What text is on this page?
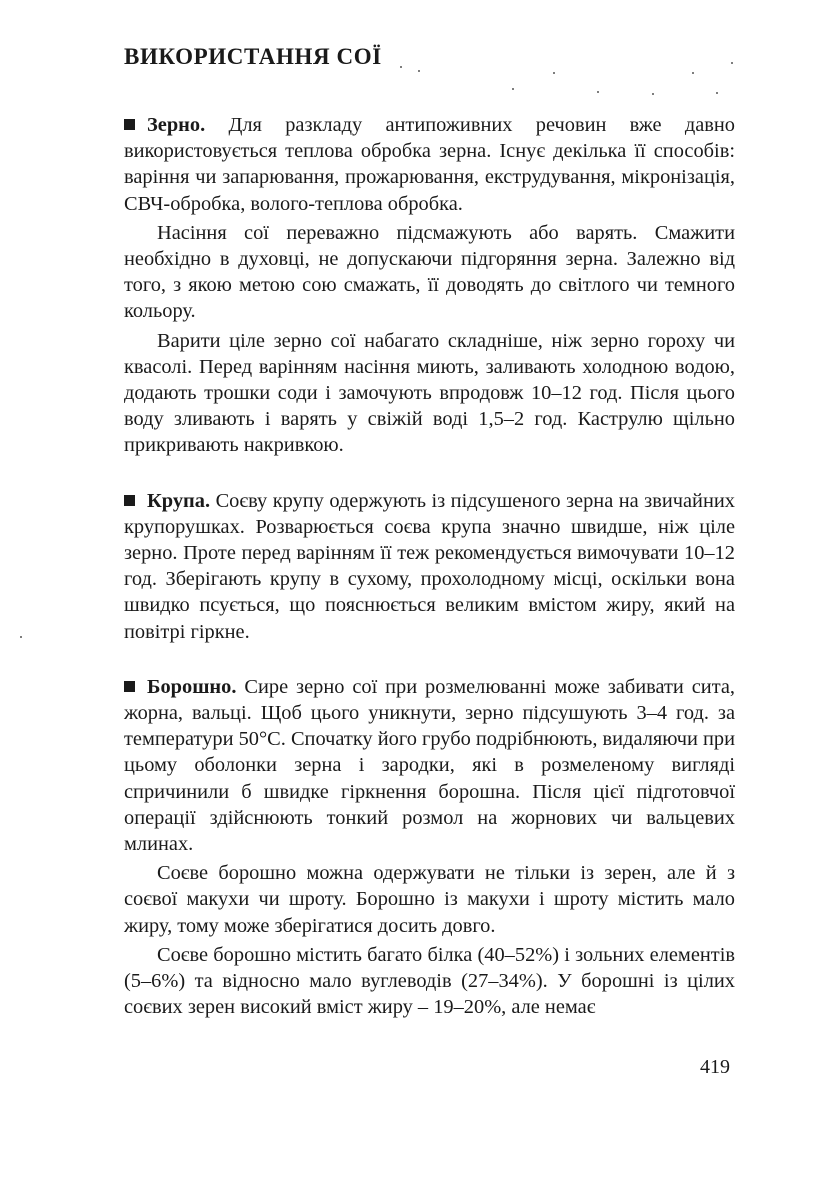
ВИКОРИСТАННЯ СОЇ

Зерно. Для разкладу антипоживних речовин вже давно використовується теплова обробка зерна. Існує декілька її способів: варіння чи запарювання, прожарювання, екструдування, мікронізація, СВЧ-обробка, волого-теплова обробка.

Насіння сої переважно підсмажують або варять. Смажити необхідно в духовці, не допускаючи підгоряння зерна. Залежно від того, з якою метою сою смажать, її доводять до світлого чи темного кольору.

Варити ціле зерно сої набагато складніше, ніж зерно гороху чи квасолі. Перед варінням насіння миють, заливають холодною водою, додають трошки соди і замочують впродовж 10–12 год. Після цього воду зливають і варять у свіжій воді 1,5–2 год. Каструлю щільно прикривають накривкою.

Крупа. Соєву крупу одержують із підсушеного зерна на звичайних крупорушках. Розварюється соєва крупа значно швидше, ніж ціле зерно. Проте перед варінням її теж рекомендується вимочувати 10–12 год. Зберігають крупу в сухому, прохолодному місці, оскільки вона швидко псується, що пояснюється великим вмістом жиру, який на повітрі гіркне.

Борошно. Сире зерно сої при розмелюванні може забивати сита, жорна, вальці. Щоб цього уникнути, зерно підсушують 3–4 год. за температури 50°С. Спочатку його грубо подрібнюють, видаляючи при цьому оболонки зерна і зародки, які в розмеленому вигляді спричинили б швидке гіркнення борошна. Після цієї підготовчої операції здійснюють тонкий розмол на жорнових чи вальцевих млинах.

Соєве борошно можна одержувати не тільки із зерен, але й з соєвої макухи чи шроту. Борошно із макухи і шроту містить мало жиру, тому може зберігатися досить довго.

Соєве борошно містить багато білка (40–52%) і зольних елементів (5–6%) та відносно мало вуглеводів (27–34%). У борошні із цілих соєвих зерен високий вміст жиру – 19–20%, але немає

419
